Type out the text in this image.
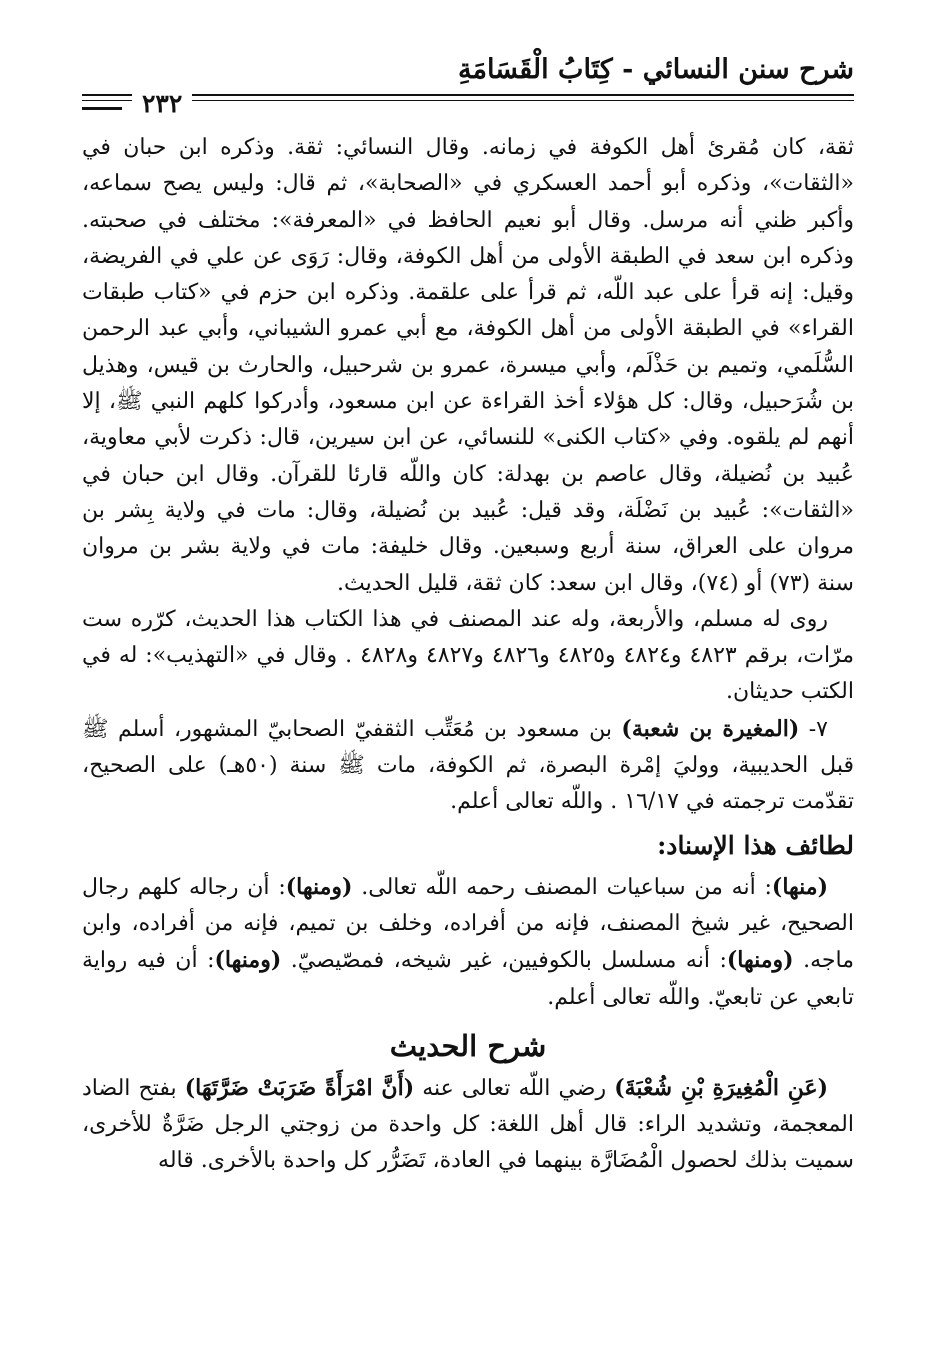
شرح سنن النسائي - كِتَابُ الْقَسَامَةِ
٢٣٢

ثقة، كان مُقرئ أهل الكوفة في زمانه. وقال النسائي: ثقة. وذكره ابن حبان في «الثقات»، وذكره أبو أحمد العسكري في «الصحابة»، ثم قال: وليس يصح سماعه، وأكبر ظني أنه مرسل. وقال أبو نعيم الحافظ في «المعرفة»: مختلف في صحبته. وذكره ابن سعد في الطبقة الأولى من أهل الكوفة، وقال: رَوَى عن علي في الفريضة، وقيل: إنه قرأ على عبد اللّه، ثم قرأ على علقمة. وذكره ابن حزم في «كتاب طبقات القراء» في الطبقة الأولى من أهل الكوفة، مع أبي عمرو الشيباني، وأبي عبد الرحمن السُّلَمي، وتميم بن حَذْلَم، وأبي ميسرة، عمرو بن شرحبيل، والحارث بن قيس، وهذيل بن شُرَحبيل، وقال: كل هؤلاء أخذ القراءة عن ابن مسعود، وأدركوا كلهم النبي ﷺ، إلا أنهم لم يلقوه. وفي «كتاب الكنى» للنسائي، عن ابن سيرين، قال: ذكرت لأبي معاوية، عُبيد بن نُضيلة، وقال عاصم بن بهدلة: كان واللّه قارئا للقرآن. وقال ابن حبان في «الثقات»: عُبيد بن نَضْلَة، وقد قيل: عُبيد بن نُضيلة، وقال: مات في ولاية بِشر بن مروان على العراق، سنة أربع وسبعين. وقال خليفة: مات في ولاية بشر بن مروان سنة (٧٣) أو (٧٤)، وقال ابن سعد: كان ثقة، قليل الحديث.

روى له مسلم، والأربعة، وله عند المصنف في هذا الكتاب هذا الحديث، كرّره ست مرّات، برقم ٤٨٢٣ و٤٨٢٤ و٤٨٢٥ و٤٨٢٦ و٤٨٢٧ و٤٨٢٨ . وقال في «التهذيب»: له في الكتب حديثان.

٧- (المغيرة بن شعبة) بن مسعود بن مُعَتِّب الثقفيّ الصحابيّ المشهور، أسلم ﷺ قبل الحديبية، ووليَ إمْرة البصرة، ثم الكوفة، مات ﷺ سنة (٥٠هـ) على الصحيح، تقدّمت ترجمته في ١٦/١٧ . واللّه تعالى أعلم.

لطائف هذا الإسناد:

(منها): أنه من سباعيات المصنف رحمه اللّه تعالى. (ومنها): أن رجاله كلهم رجال الصحيح، غير شيخ المصنف، فإنه من أفراده، وخلف بن تميم، فإنه من أفراده، وابن ماجه. (ومنها): أنه مسلسل بالكوفيين، غير شيخه، فمصّيصيّ. (ومنها): أن فيه رواية تابعي عن تابعيّ. واللّه تعالى أعلم.

شرح الحديث

(عَنِ الْمُغِيرَةِ بْنِ شُعْبَةَ) رضي اللّه تعالى عنه (أَنَّ امْرَأَةً ضَرَبَتْ ضَرَّتَهَا) بفتح الضاد المعجمة، وتشديد الراء: قال أهل اللغة: كل واحدة من زوجتي الرجل ضَرَّةٌ للأخرى، سميت بذلك لحصول الْمُضَارَّة بينهما في العادة، تَضَرُّر كل واحدة بالأخرى. قاله
